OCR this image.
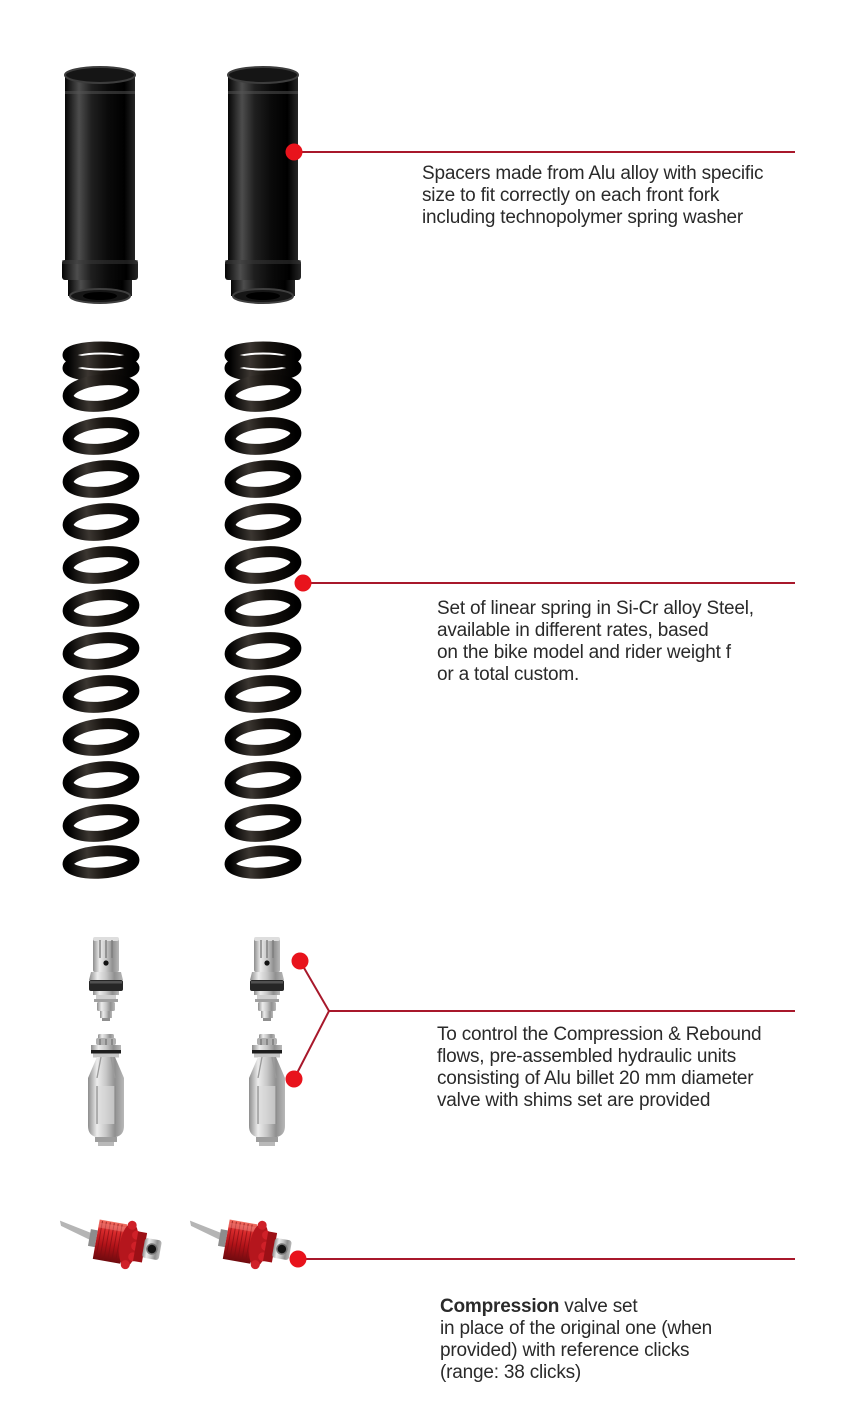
Spacers made from Alu alloy with specific
size to fit correctly on each front fork
including technopolymer spring washer
Set of linear spring in Si-Cr alloy Steel,
available in different rates, based
on the bike model and rider weight f
or a total custom.
To control the Compression & Rebound
flows, pre-assembled hydraulic units
consisting of Alu billet 20 mm diameter
valve with shims set are provided
Compression valve set
in place of the original one (when
provided) with reference clicks
(range: 38 clicks)
